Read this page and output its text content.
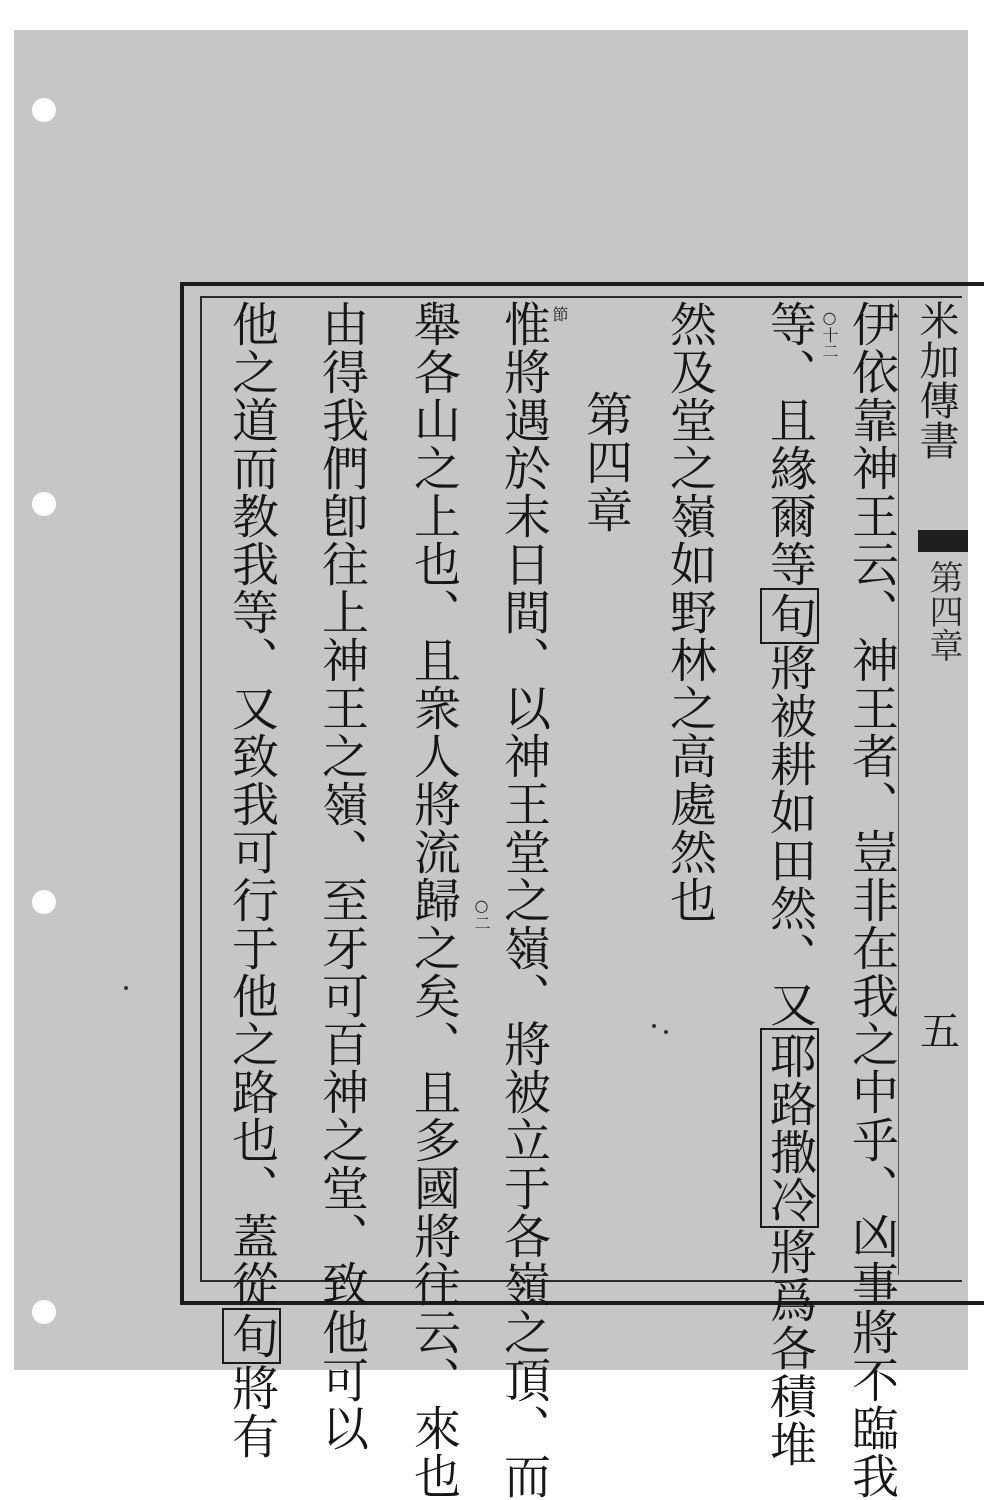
米加傳書
第四章
五
伊依靠神王云、神王者、豈非在我之中乎、凶事將不臨我
○十二
等、且緣爾等旬將被耕如田然、又耶路撒冷將爲各積堆
然及堂之嶺如野林之高處然也
第四章
節
惟將遇於末日間、以神王堂之嶺、將被立于各嶺之頂、而
○二
舉各山之上也、且衆人將流歸之矣、且多國將往云、來也
由得我們卽往上神王之嶺、至牙可百神之堂、致他可以
他之道而教我等、又致我可行于他之路也、蓋從旬將有
